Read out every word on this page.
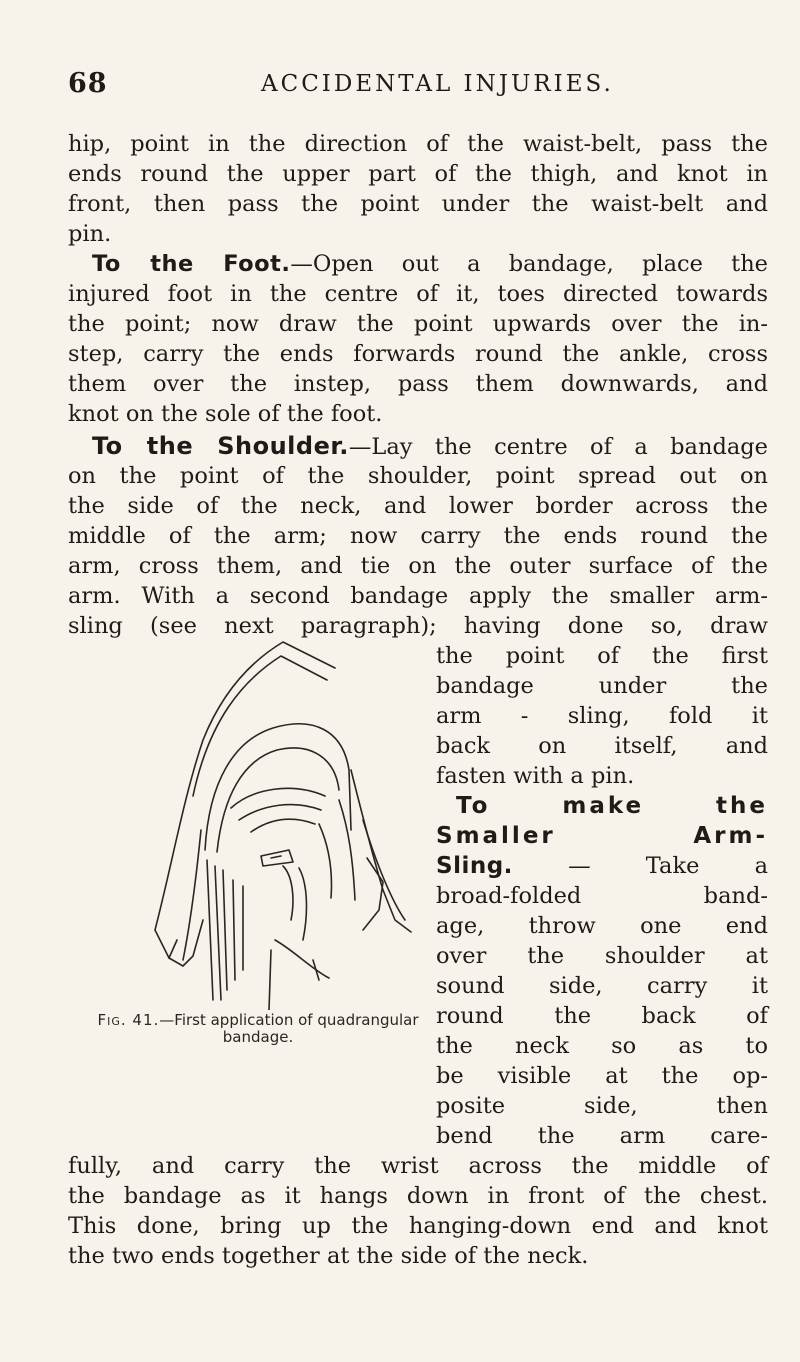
68	ACCIDENTAL INJURIES.
hip, point in the direction of the waist-belt, pass the
ends round the upper part of the thigh, and knot in
front, then pass the point under the waist-belt and
pin.
To the Foot.—Open out a bandage, place the
injured foot in the centre of it, toes directed towards
the point; now draw the point upwards over the in-
step, carry the ends forwards round the ankle, cross
them over the instep, pass them downwards, and
knot on the sole of the foot.
To the Shoulder.—Lay the centre of a bandage
on the point of the shoulder, point spread out on
the side of the neck, and lower border across the
middle of the arm; now carry the ends round the
arm, cross them, and tie on the outer surface of the
arm. With a second bandage apply the smaller arm-
sling (see next paragraph); having done so, draw
the point of the first
bandage under the
arm - sling, fold it
back on itself, and
fasten with a pin.
To make the
Smaller Arm-
Sling. — Take a
broad-folded band-
age, throw one end
over the shoulder at
sound side, carry it
round the back of
the neck so as to
be visible at the op-
posite side, then
bend the arm care-
fully, and carry the wrist across the middle of
the bandage as it hangs down in front of the chest.
This done, bring up the hanging-down end and knot
the two ends together at the side of the neck.
Fig. 41.—First application of quadrangular bandage.
